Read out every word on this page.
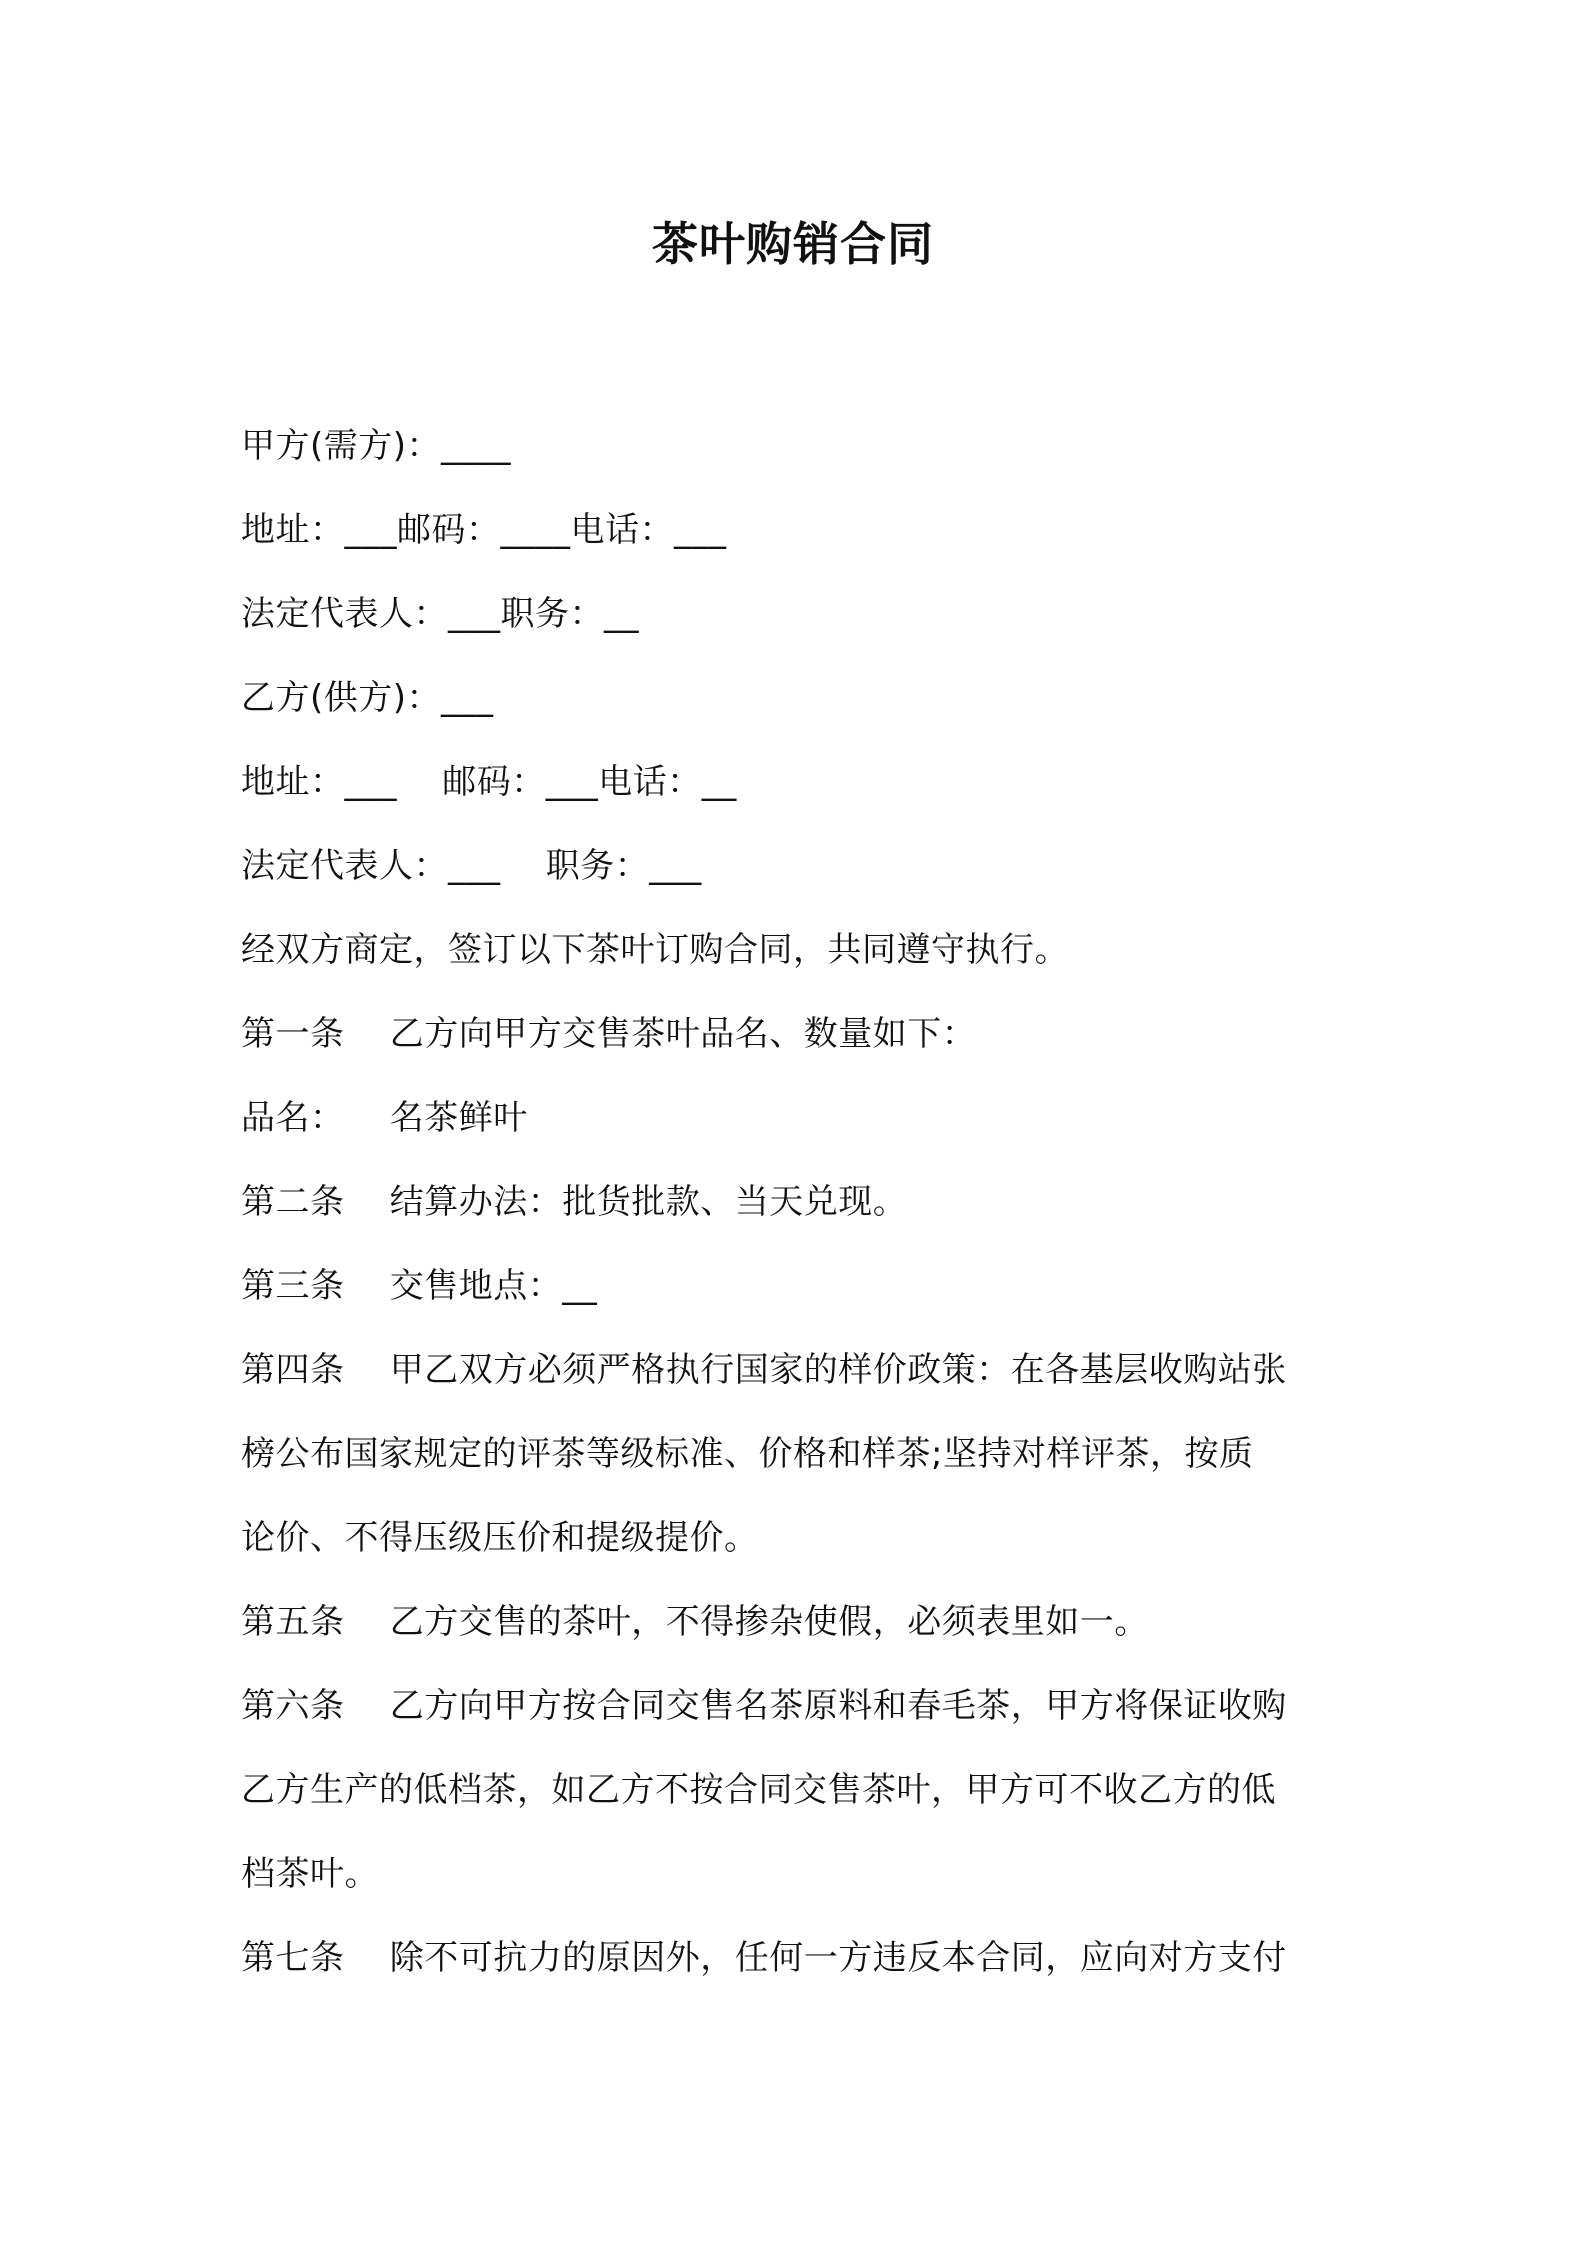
茶叶购销合同
甲方(需方)：____
地址：___邮码：____电话：___
法定代表人：___职务：__
乙方(供方)：___
地址：___    邮码：___电话：__
法定代表人：___    职务：___
经双方商定，签订以下茶叶订购合同，共同遵守执行。
第一条    乙方向甲方交售茶叶品名、数量如下：
品名：    名茶鲜叶
第二条    结算办法：批货批款、当天兑现。
第三条    交售地点：__
第四条    甲乙双方必须严格执行国家的样价政策：在各基层收购站张
榜公布国家规定的评茶等级标准、价格和样茶;坚持对样评茶，按质
论价、不得压级压价和提级提价。
第五条    乙方交售的茶叶，不得掺杂使假，必须表里如一。
第六条    乙方向甲方按合同交售名茶原料和春毛茶，甲方将保证收购
乙方生产的低档茶，如乙方不按合同交售茶叶，甲方可不收乙方的低
档茶叶。
第七条    除不可抗力的原因外，任何一方违反本合同，应向对方支付
